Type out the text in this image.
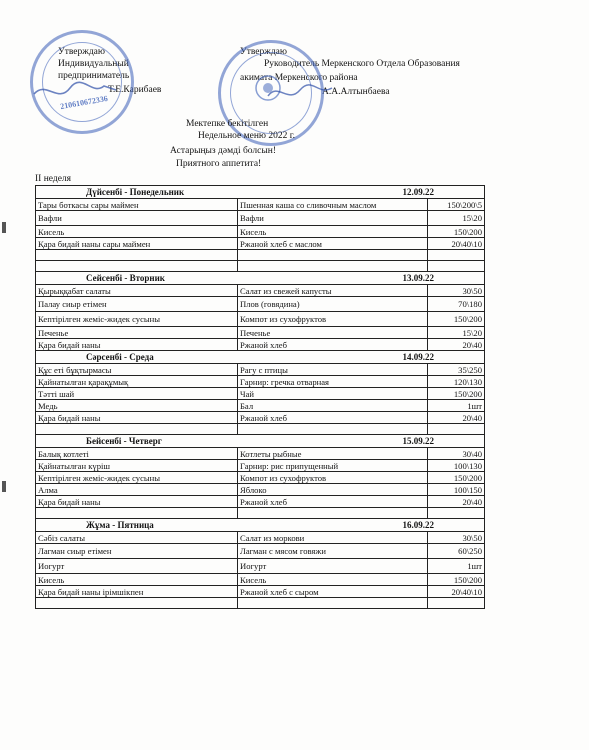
Утверждаю
Индивидуальный
предприниматель
Т.Е.Карибаев
210610672336
Утверждаю
Руководитель Меркенского Отдела Образования
акимата Меркенского района
А.А.Алтынбаева
Мектепке бекітілген
Недельное меню 2022 г.
Астарыңыз дәмді болсын!
Приятного аппетита!
II неделя
Дүйсенбі - Понедельник 12.09.22		

Тары боткасы сары маймен	Пшенная каша со сливочным маслом	150\200\5
Вафли	Вафли	15\20
Кисель	Кисель	150\200
Қара бидай наны сары маймен	Ржаной хлеб с маслом	20\40\10

Сейсенбі - Вторник 13.09.22		

Қырыққабат салаты	Салат из свежей капусты	30\50
Палау сиыр етімен	Плов (говядина)	70\180
Кептірілген жеміс-жидек сусыны	Компот из сухофруктов	150\200
Печенье	Печенье	15\20
Қара бидай наны	Ржаной хлеб	20\40
Сәрсенбі - Среда 14.09.22		

Құс еті бұқтырмасы	Рагу с птицы	35\250
Қайнатылған қарақұмық	Гарнир: гречка отварная	120\130
Тәтті шай	Чай	150\200
Медь	Бал	1шт
Қара бидай наны	Ржаной хлеб	20\40

Бейсенбі - Четверг 15.09.22		

Балық котлеті	Котлеты рыбные	30\40
Қайнатылған күріш	Гарнир: рис припущенный	100\130
Кептірілген жеміс-жидек сусыны	Компот из сухофруктов	150\200
Алма	Яблоко	100\150
Қара бидай наны	Ржаной хлеб	20\40

Жұма - Пятница 16.09.22		

Сәбіз салаты	Салат из моркови	30\50
Лагман сиыр етімен	Лагман с мясом говяжи	60\250
Иогурт	Иогурт	1шт
Кисель	Кисель	150\200
Қара бидай наны ірімшікпен	Ржаной хлеб с сыром	20\40\10
